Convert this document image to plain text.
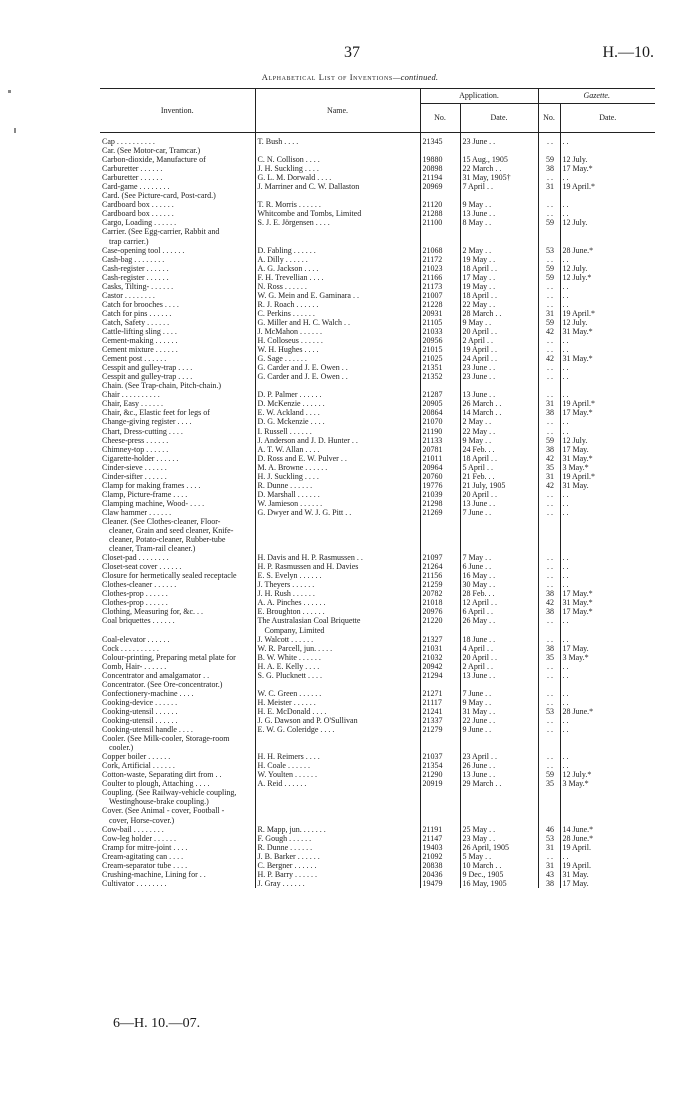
37	H.—10.
Alphabetical List of Inventions—continued.
Invention.	Name.	Application.		Gazette.	
		No.	Date.	No.	Date.

Cap . . . . . . . . . .	T. Bush . . . .	21345	23 June . .	. .	. .
Car. (See Motor-car, Tramcar.)					
Carbon-dioxide, Manufacture of	C. N. Collison . . . .	19880	15 Aug., 1905	59	12 July.
Carburetter . . . . . .	J. H. Suckling . . . .	20898	22 March . .	38	17 May.*
Carburetter . . . . . .	G. L. M. Dorwald . . . .	21194	31 May, 1905†	. .	. .
Card-game . . . . . . . .	J. Marriner and C. W. Dallaston	20969	7 April . .	31	19 April.*
Card. (See Picture-card, Post-card.)					
Cardboard box . . . . . .	T. R. Morris . . . . . .	21120	9 May . .	. .	. .
Cardboard box . . . . . .	Whitcombe and Tombs, Limited	21288	13 June . .	. .	. .
Cargo, Loading . . . . . .	S. J. E. Jörgensen . . . .	21100	8 May . .	59	12 July.
Carrier. (See Egg-carrier, Rabbit and					
trap carrier.)					
Case-opening tool . . . . . .	D. Fabling . . . . . .	21068	2 May . .	53	28 June.*
Cash-bag . . . . . . . .	A. Dilly . . . . . .	21172	19 May . .	. .	. .
Cash-register . . . . . .	A. G. Jackson . . . .	21023	18 April . .	59	12 July.
Cash-register . . . . . .	F. H. Trevellian . . . .	21166	17 May . .	59	12 July.*
Casks, Tilting- . . . . . .	N. Ross . . . . . .	21173	19 May . .	. .	. .
Castor . . . . . . . .	W. G. Mein and E. Gaminara . .	21007	18 April . .	. .	. .
Catch for brooches . . . .	R. J. Roach . . . . . .	21228	22 May . .	. .	. .
Catch for pins . . . . . .	C. Perkins . . . . . .	20931	28 March . .	31	19 April.*
Catch, Safety . . . . . .	G. Miller and H. C. Walch . .	21105	9 May . .	59	12 July.
Cattle-lifting sling . . . .	J. McMahon . . . . . .	21033	20 April . .	42	31 May.*
Cement-making . . . . . .	H. Colloseus . . . . . .	20956	2 April . .	. .	. .
Cement mixture . . . . . .	W. H. Hughes . . . .	21015	19 April . .	. .	. .
Cement post . . . . . .	G. Sage . . . . . .	21025	24 April . .	42	31 May.*
Cesspit and gulley-trap . . . .	G. Carder and J. E. Owen . .	21351	23 June . .	. .	. .
Cesspit and gulley-trap . . . .	G. Carder and J. E. Owen . .	21352	23 June . .	. .	. .
Chain. (See Trap-chain, Pitch-chain.)					
Chair . . . . . . . . . .	D. P. Palmer . . . . . .	21287	13 June . .	. .	. .
Chair, Easy . . . . . .	D. McKenzie . . . . . .	20905	26 March . .	31	19 April.*
Chair, &c., Elastic feet for legs of	E. W. Ackland . . . .	20864	14 March . .	38	17 May.*
Change-giving register . . . .	D. G. Mckenzie . . . .	21070	2 May . .	. .	. .
Chart, Dress-cutting . . . .	I. Russell . . . . . .	21190	22 May . .	. .	. .
Cheese-press . . . . . .	J. Anderson and J. D. Hunter . .	21133	9 May . .	59	12 July.
Chimney-top . . . . . .	A. T. W. Allan . . . .	20781	24 Feb. . .	38	17 May.
Cigarette-holder . . . . . .	D. Ross and E. W. Pulver . .	21011	18 April . .	42	31 May.*
Cinder-sieve . . . . . .	M. A. Browne . . . . . .	20964	5 April . .	35	3 May.*
Cinder-sifter . . . . . .	H. J. Suckling . . . .	20760	21 Feb. . .	31	19 April.*
Clamp for making frames . . . .	R. Dunne . . . . . .	19776	21 July, 1905	42	31 May.
Clamp, Picture-frame . . . .	D. Marshall . . . . . .	21039	20 April . .	. .	. .
Clamping machine, Wood- . . . .	W. Jamieson . . . . . .	21298	13 June . .	. .	. .
Claw hammer . . . . . .	G. Dwyer and W. J. G. Pitt . .	21269	7 June . .	. .	. .
Cleaner. (See Clothes-cleaner, Floor-					
cleaner, Grain and seed cleaner, Knife-					
cleaner, Potato-cleaner, Rubber-tube					
cleaner, Tram-rail cleaner.)					
Closet-pad . . . . . . . .	H. Davis and H. P. Rasmussen . .	21097	7 May . .	. .	. .
Closet-seat cover . . . . . .	H. P. Rasmussen and H. Davies	21264	6 June . .	. .	. .
Closure for hermetically sealed receptacle	E. S. Evelyn . . . . . .	21156	16 May . .	. .	. .
Clothes-cleaner . . . . . .	J. Theyers . . . . . .	21259	30 May . .	. .	. .
Clothes-prop . . . . . .	J. H. Rush . . . . . .	20782	28 Feb. . .	38	17 May.*
Clothes-prop . . . . . .	A. A. Pinches . . . . . .	21018	12 April . .	42	31 May.*
Clothing, Measuring for, &c. . .	E. Broughton . . . . . .	20976	6 April . .	38	17 May.*
Coal briquettes . . . . . .	The Australasian Coal Briquette	21220	26 May . .	. .	. .
	Company, Limited				
Coal-elevator . . . . . .	J. Walcott . . . . . .	21327	18 June . .	. .	. .
Cock . . . . . . . . . .	W. R. Parcell, jun. . . . .	21031	4 April . .	38	17 May.
Colour-printing, Preparing metal plate for	B. W. White . . . . . .	21032	20 April . .	35	3 May.*
Comb, Hair- . . . . . .	H. A. E. Kelly . . . .	20942	2 April . .	. .	. .
Concentrator and amalgamator . .	S. G. Plucknett . . . .	21294	13 June . .	. .	. .
Concentrator. (See Ore-concentrator.)					
Confectionery-machine . . . .	W. C. Green . . . . . .	21271	7 June . .	. .	. .
Cooking-device . . . . . .	H. Meister . . . . . .	21117	9 May . .	. .	. .
Cooking-utensil . . . . . .	H. E. McDonald . . . .	21241	31 May . .	53	28 June.*
Cooking-utensil . . . . . .	J. G. Dawson and P. O'Sullivan	21337	22 June . .	. .	. .
Cooking-utensil handle . . . .	E. W. G. Coleridge . . . .	21279	9 June . .	. .	. .
Cooler. (See Milk-cooler, Storage-room					
cooler.)					
Copper boiler . . . . . .	H. H. Reimers . . . .	21037	23 April . .	. .	. .
Cork, Artificial . . . . . .	H. Coale . . . . . .	21354	26 June . .	. .	. .
Cotton-waste, Separating dirt from . .	W. Youlten . . . . . .	21290	13 June . .	59	12 July.*
Coulter to plough, Attaching . . . .	A. Reid . . . . . .	20919	29 March . .	35	3 May.*
Coupling. (See Railway-vehicle coupling,					
Westinghouse-brake coupling.)					
Cover. (See Animal - cover, Football -					
cover, Horse-cover.)					
Cow-bail . . . . . . . .	R. Mapp, jun. . . . . . .	21191	25 May . .	46	14 June.*
Cow-leg holder . . . . . .	F. Gough . . . . . .	21147	23 May . .	53	28 June.*
Cramp for mitre-joint . . . .	R. Dunne . . . . . .	19403	26 April, 1905	31	19 April.
Cream-agitating can . . . .	J. B. Barker . . . . . .	21092	5 May . .	. .	. .
Cream-separator tube . . . .	C. Bergner . . . . . .	20838	10 March . .	31	19 April.
Crushing-machine, Lining for . .	H. P. Barry . . . . . .	20436	9 Dec., 1905	43	31 May.
Cultivator . . . . . . . .	J. Gray . . . . . .	19479	16 May, 1905	38	17 May.
6—H. 10.—07.
